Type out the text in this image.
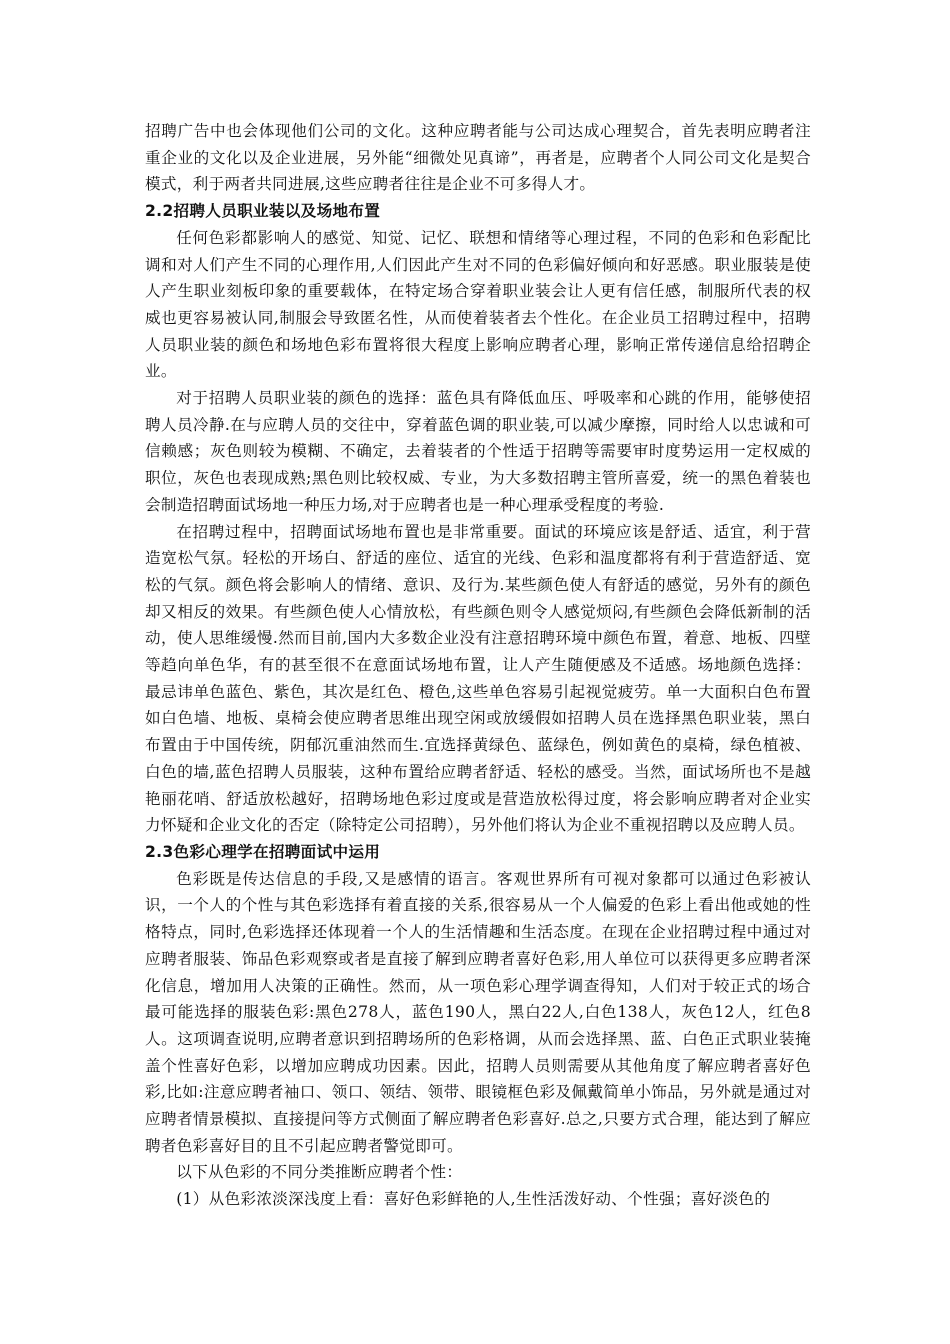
招聘广告中也会体现他们公司的文化。这种应聘者能与公司达成心理契合，首先表明应聘者注重企业的文化以及企业进展，另外能“细微处见真谛”，再者是，应聘者个人同公司文化是契合模式，利于两者共同进展,这些应聘者往往是企业不可多得人才。

2.2招聘人员职业装以及场地布置

任何色彩都影响人的感觉、知觉、记忆、联想和情绪等心理过程，不同的色彩和色彩配比调和对人们产生不同的心理作用,人们因此产生对不同的色彩偏好倾向和好恶感。职业服装是使人产生职业刻板印象的重要载体，在特定场合穿着职业装会让人更有信任感，制服所代表的权威也更容易被认同,制服会导致匿名性，从而使着装者去个性化。在企业员工招聘过程中，招聘人员职业装的颜色和场地色彩布置将很大程度上影响应聘者心理，影响正常传递信息给招聘企业。

对于招聘人员职业装的颜色的选择：蓝色具有降低血压、呼吸率和心跳的作用，能够使招聘人员冷静.在与应聘人员的交往中，穿着蓝色调的职业装,可以减少摩擦，同时给人以忠诚和可信赖感；灰色则较为模糊、不确定，去着装者的个性适于招聘等需要审时度势运用一定权威的职位，灰色也表现成熟;黑色则比较权威、专业，为大多数招聘主管所喜爱，统一的黑色着装也会制造招聘面试场地一种压力场,对于应聘者也是一种心理承受程度的考验.

在招聘过程中，招聘面试场地布置也是非常重要。面试的环境应该是舒适、适宜，利于营造宽松气氛。轻松的开场白、舒适的座位、适宜的光线、色彩和温度都将有利于营造舒适、宽松的气氛。颜色将会影响人的情绪、意识、及行为.某些颜色使人有舒适的感觉，另外有的颜色却又相反的效果。有些颜色使人心情放松，有些颜色则令人感觉烦闷,有些颜色会降低新制的活动，使人思维缓慢.然而目前,国内大多数企业没有注意招聘环境中颜色布置，着意、地板、四壁等趋向单色华，有的甚至很不在意面试场地布置，让人产生随便感及不适感。场地颜色选择：最忌讳单色蓝色、紫色，其次是红色、橙色,这些单色容易引起视觉疲劳。单一大面积白色布置如白色墙、地板、桌椅会使应聘者思维出现空闲或放缓假如招聘人员在选择黑色职业装，黑白布置由于中国传统，阴郁沉重油然而生.宜选择黄绿色、蓝绿色，例如黄色的桌椅，绿色植被、白色的墙,蓝色招聘人员服装，这种布置给应聘者舒适、轻松的感受。当然，面试场所也不是越艳丽花哨、舒适放松越好，招聘场地色彩过度或是营造放松得过度，将会影响应聘者对企业实力怀疑和企业文化的否定（除特定公司招聘），另外他们将认为企业不重视招聘以及应聘人员。

2.3色彩心理学在招聘面试中运用

色彩既是传达信息的手段,又是感情的语言。客观世界所有可视对象都可以通过色彩被认识，一个人的个性与其色彩选择有着直接的关系,很容易从一个人偏爱的色彩上看出他或她的性格特点，同时,色彩选择还体现着一个人的生活情趣和生活态度。在现在企业招聘过程中通过对应聘者服装、饰品色彩观察或者是直接了解到应聘者喜好色彩,用人单位可以获得更多应聘者深化信息，增加用人决策的正确性。然而，从一项色彩心理学调查得知，人们对于较正式的场合最可能选择的服装色彩:黑色278人，蓝色190人，黑白22人,白色138人，灰色12人，红色8人。这项调查说明,应聘者意识到招聘场所的色彩格调，从而会选择黑、蓝、白色正式职业装掩盖个性喜好色彩，以增加应聘成功因素。因此，招聘人员则需要从其他角度了解应聘者喜好色彩,比如:注意应聘者袖口、领口、领结、领带、眼镜框色彩及佩戴简单小饰品，另外就是通过对应聘者情景模拟、直接提问等方式侧面了解应聘者色彩喜好.总之,只要方式合理，能达到了解应聘者色彩喜好目的且不引起应聘者警觉即可。

以下从色彩的不同分类推断应聘者个性：

(1）从色彩浓淡深浅度上看：喜好色彩鲜艳的人,生性活泼好动、个性强；喜好淡色的
